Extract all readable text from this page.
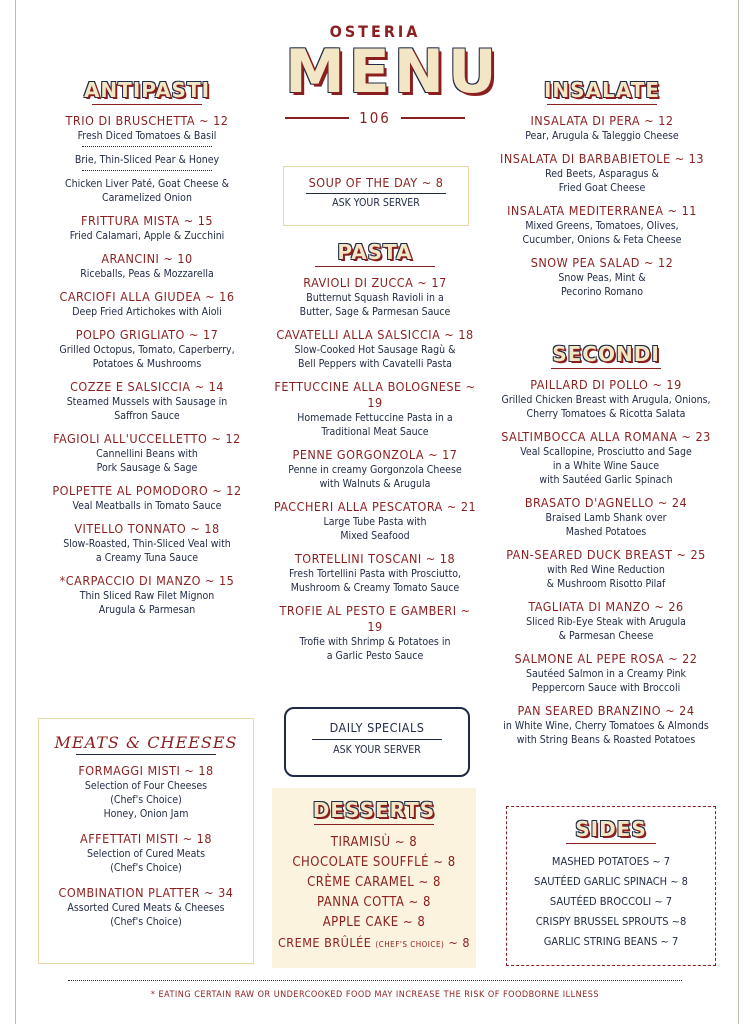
OSTERIA
MENU
106
SOUP OF THE DAY ~ 8
ASK YOUR SERVER
ANTIPASTI
TRIO DI BRUSCHETTA ~ 12
Fresh Diced Tomatoes & Basil
Brie, Thin-Sliced Pear & Honey
Chicken Liver Paté, Goat Cheese &
Caramelized Onion
FRITTURA MISTA ~ 15
Fried Calamari, Apple & Zucchini
ARANCINI ~ 10
Riceballs, Peas & Mozzarella
CARCIOFI ALLA GIUDEA ~ 16
Deep Fried Artichokes with Aioli
POLPO GRIGLIATO ~ 17
Grilled Octopus, Tomato, Caperberry,
Potatoes & Mushrooms
COZZE E SALSICCIA ~ 14
Steamed Mussels with Sausage in
Saffron Sauce
FAGIOLI ALL'UCCELLETTO ~ 12
Cannellini Beans with
Pork Sausage & Sage
POLPETTE AL POMODORO ~ 12
Veal Meatballs in Tomato Sauce
VITELLO TONNATO ~ 18
Slow-Roasted, Thin-Sliced Veal with
a Creamy Tuna Sauce
*CARPACCIO DI MANZO ~ 15
Thin Sliced Raw Filet Mignon
Arugula & Parmesan
MEATS & CHEESES
FORMAGGI MISTI ~ 18
Selection of Four Cheeses
(Chef's Choice)
Honey, Onion Jam
AFFETTATI MISTI ~ 18
Selection of Cured Meats
(Chef's Choice)
COMBINATION PLATTER ~ 34
Assorted Cured Meats & Cheeses
(Chef's Choice)
PASTA
RAVIOLI DI ZUCCA ~ 17
Butternut Squash Ravioli in a
Butter, Sage & Parmesan Sauce
CAVATELLI ALLA SALSICCIA ~ 18
Slow-Cooked Hot Sausage Ragù &
Bell Peppers with Cavatelli Pasta
FETTUCCINE ALLA BOLOGNESE ~ 19
Homemade Fettuccine Pasta in a
Traditional Meat Sauce
PENNE GORGONZOLA ~ 17
Penne in creamy Gorgonzola Cheese
with Walnuts & Arugula
PACCHERI ALLA PESCATORA ~ 21
Large Tube Pasta with
Mixed Seafood
TORTELLINI TOSCANI ~ 18
Fresh Tortellini Pasta with Prosciutto,
Mushroom & Creamy Tomato Sauce
TROFIE AL PESTO E GAMBERI ~ 19
Trofie with Shrimp & Potatoes in
a Garlic Pesto Sauce
DAILY SPECIALS
ASK YOUR SERVER
DESSERTS
TIRAMISÙ ~ 8
CHOCOLATE SOUFFLÉ ~ 8
CRÈME CARAMEL ~ 8
PANNA COTTA ~ 8
APPLE CAKE ~ 8
CREME BRÛLÉE (CHEF'S CHOICE) ~ 8
INSALATE
INSALATA DI PERA ~ 12
Pear, Arugula & Taleggio Cheese
INSALATA DI BARBABIETOLE ~ 13
Red Beets, Asparagus &
Fried Goat Cheese
INSALATA MEDITERRANEA ~ 11
Mixed Greens, Tomatoes, Olives,
Cucumber, Onions & Feta Cheese
SNOW PEA SALAD ~ 12
Snow Peas, Mint &
Pecorino Romano
SECONDI
PAILLARD DI POLLO ~ 19
Grilled Chicken Breast with Arugula, Onions,
Cherry Tomatoes & Ricotta Salata
SALTIMBOCCA ALLA ROMANA ~ 23
Veal Scallopine, Prosciutto and Sage
in a White Wine Sauce
with Sautéed Garlic Spinach
BRASATO D'AGNELLO ~ 24
Braised Lamb Shank over
Mashed Potatoes
PAN-SEARED DUCK BREAST ~ 25
with Red Wine Reduction
& Mushroom Risotto Pilaf
TAGLIATA DI MANZO ~ 26
Sliced Rib-Eye Steak with Arugula
& Parmesan Cheese
SALMONE AL PEPE ROSA ~ 22
Sautéed Salmon in a Creamy Pink
Peppercorn Sauce with Broccoli
PAN SEARED BRANZINO ~ 24
in White Wine, Cherry Tomatoes & Almonds
with String Beans & Roasted Potatoes
SIDES
MASHED POTATOES ~ 7
SAUTÉED GARLIC SPINACH ~ 8
SAUTÉED BROCCOLI ~ 7
CRISPY BRUSSEL SPROUTS ~8
GARLIC STRING BEANS ~ 7
* EATING CERTAIN RAW OR UNDERCOOKED FOOD MAY INCREASE THE RISK OF FOODBORNE ILLNESS
